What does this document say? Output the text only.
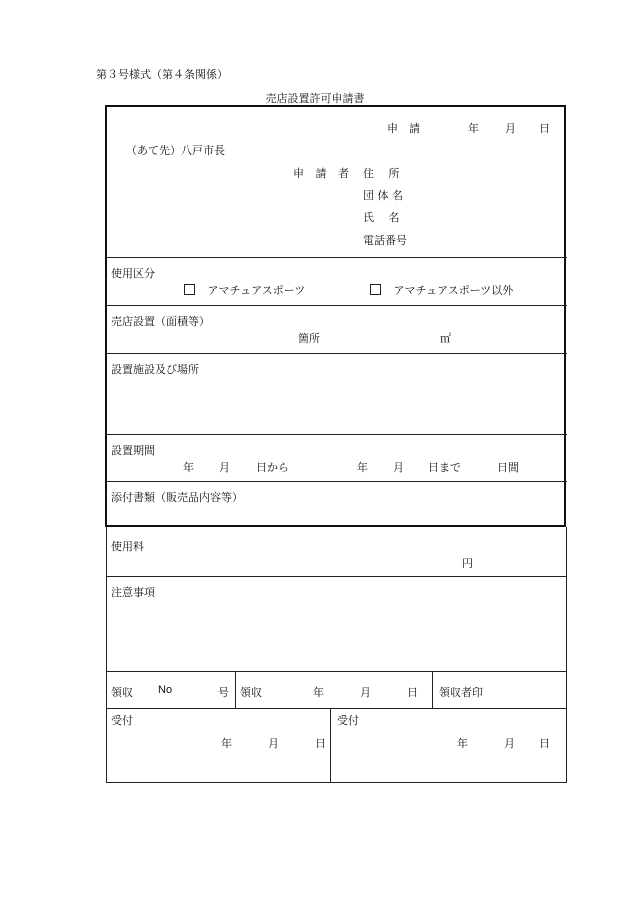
第３号様式（第４条関係）
売店設置許可申請書
申　請	年 月 日
（あて先）八戸市長
申 請 者 住　 所
団 体 名
氏　 名
電話番号
使用区分
アマチュアスポーツ	アマチュアスポーツ以外
売店設置（面積等）
箇所	㎡
設置施設及び場所
設置期間
年 月 日から	年 月 日まで	日間
添付書類（販売品内容等）
使用料
円
注意事項
領収 No	号 領収	年	月	日 領収者印
受付
年	月	日
受付
年	月 日
